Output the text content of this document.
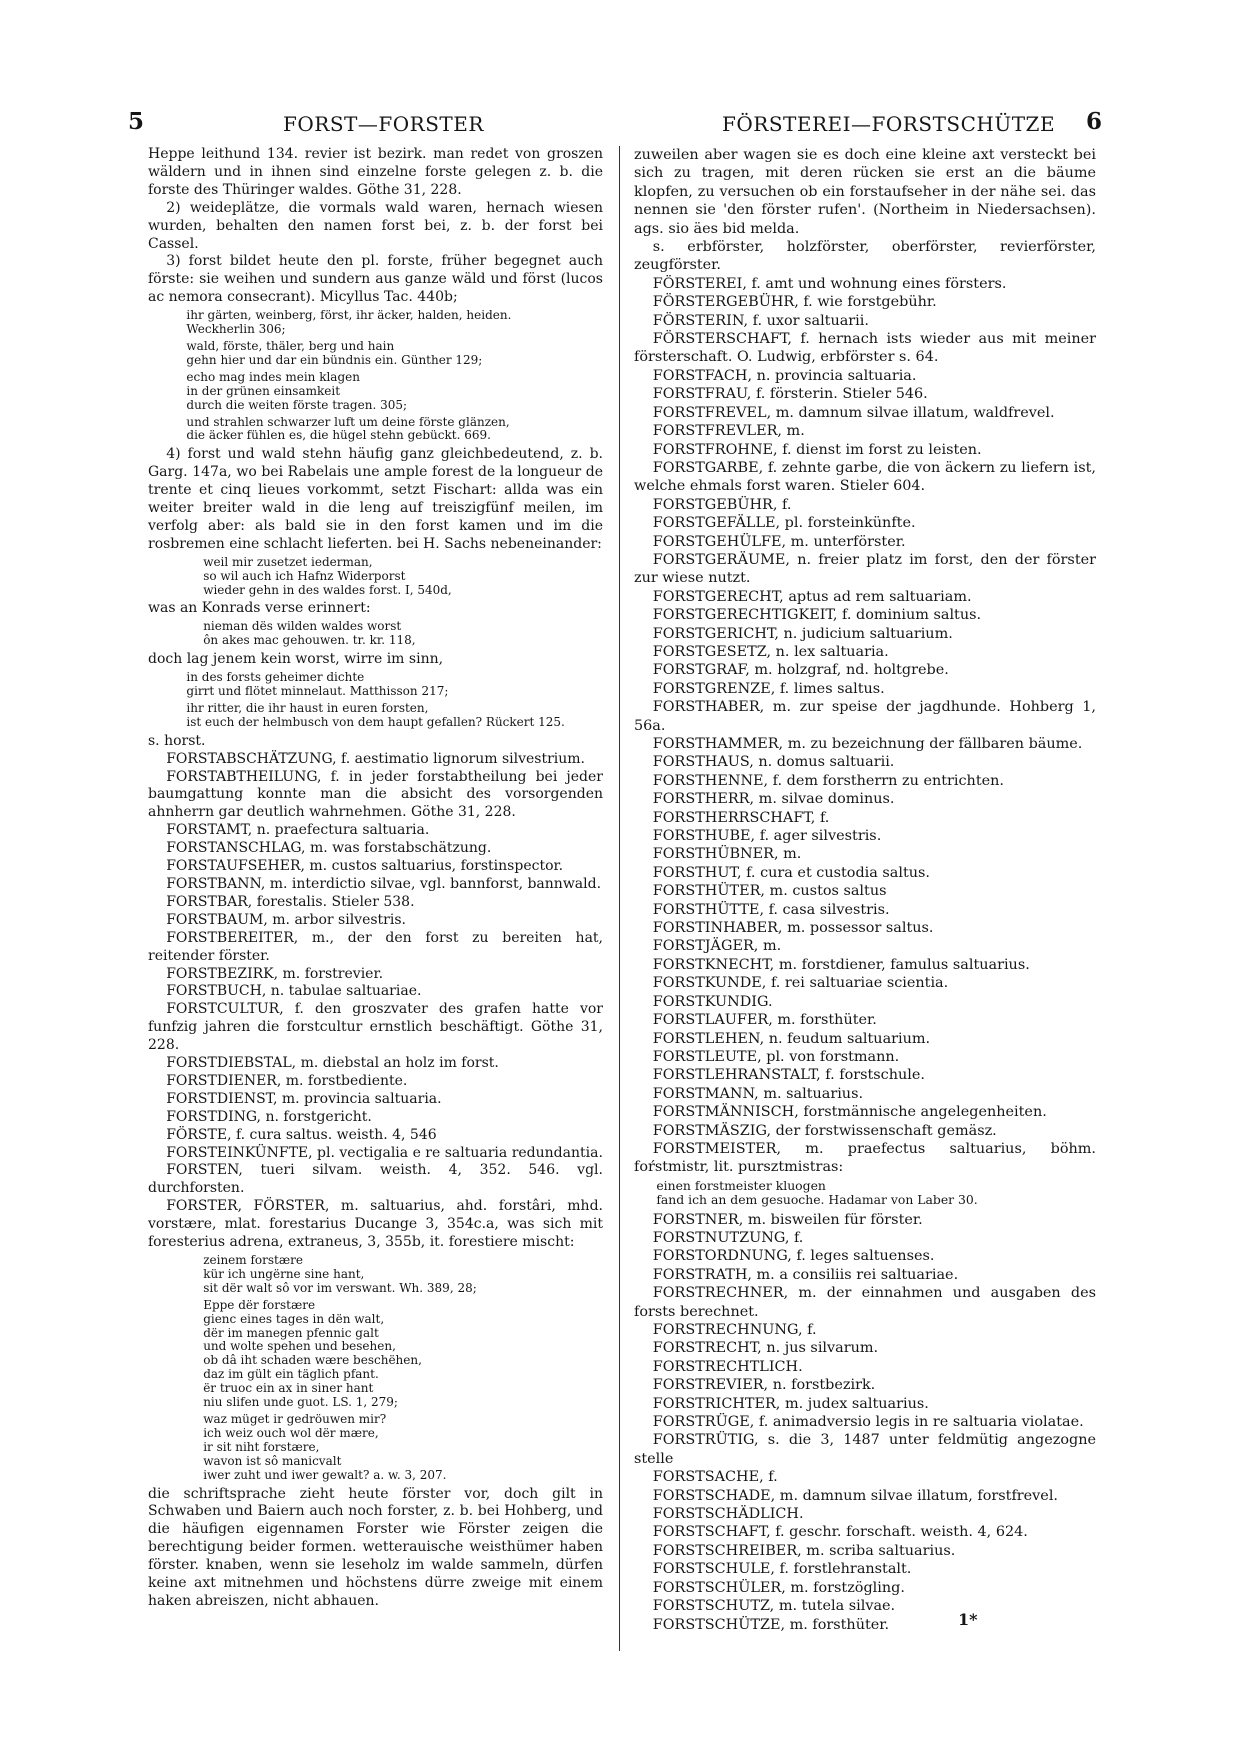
5	FORST—FORSTER	FÖRSTEREI—FORSTSCHÜTZE 6

Heppe leithund 134. revier ist bezirk. man redet von groszen wäldern und in ihnen sind einzelne forste gelegen z. b. die forste des Thüringer waldes. Göthe 31, 228.

2) weideplätze, die vormals wald waren, hernach wiesen wurden, behalten den namen forst bei, z. b. der forst bei Cassel.

3) forst bildet heute den pl. forste, früher begegnet auch förste: sie weihen und sundern aus ganze wäld und först (lucos ac nemora consecrant). Micyllus Tac. 440b;

ihr gärten, weinberg, först, ihr äcker, halden, heiden.
Weckherlin 306;

wald, förste, thäler, berg und hain
gehn hier und dar ein bündnis ein. Günther 129;

echo mag indes mein klagen
in der grünen einsamkeit
durch die weiten förste tragen. 305;

und strahlen schwarzer luft um deine förste glänzen,
die äcker fühlen es, die hügel stehn gebückt. 669.

4) forst und wald stehn häufig ganz gleichbedeutend, z. b. Garg. 147a, wo bei Rabelais une ample forest de la longueur de trente et cinq lieues vorkommt, setzt Fischart: allda was ein weiter breiter wald in die leng auf treiszigfünf meilen, im verfolg aber: als bald sie in den forst kamen und im die rosbremen eine schlacht lieferten. bei H. Sachs nebeneinander:

weil mir zusetzet iederman,
so wil auch ich Hafnz Widerporst
wieder gehn in des waldes forst. I, 540d,

was an Konrads verse erinnert:

nieman dës wilden waldes worst
ôn akes mac gehouwen. tr. kr. 118,

doch lag jenem kein worst, wirre im sinn,

in des forsts geheimer dichte
girrt und flötet minnelaut. Matthisson 217;

ihr ritter, die ihr haust in euren forsten,
ist euch der helmbusch von dem haupt gefallen? Rückert 125.

s. horst.

FORSTABSCHÄTZUNG, f. aestimatio lignorum silvestrium.

FORSTABTHEILUNG, f. in jeder forstabtheilung bei jeder baumgattung konnte man die absicht des vorsorgenden ahnherrn gar deutlich wahrnehmen. Göthe 31, 228.

FORSTAMT, n. praefectura saltuaria.

FORSTANSCHLAG, m. was forstabschätzung.

FORSTAUFSEHER, m. custos saltuarius, forstinspector.

FORSTBANN, m. interdictio silvae, vgl. bannforst, bannwald.

FORSTBAR, forestalis. Stieler 538.

FORSTBAUM, m. arbor silvestris.

FORSTBEREITER, m., der den forst zu bereiten hat, reitender förster.

FORSTBEZIRK, m. forstrevier.

FORSTBUCH, n. tabulae saltuariae.

FORSTCULTUR, f. den groszvater des grafen hatte vor funfzig jahren die forstcultur ernstlich beschäftigt. Göthe 31, 228.

FORSTDIEBSTAL, m. diebstal an holz im forst.

FORSTDIENER, m. forstbediente.

FORSTDIENST, m. provincia saltuaria.

FORSTDING, n. forstgericht.

FÖRSTE, f. cura saltus. weisth. 4, 546

FORSTEINKÜNFTE, pl. vectigalia e re saltuaria redundantia.

FORSTEN, tueri silvam. weisth. 4, 352. 546. vgl. durchforsten.

FORSTER, FÖRSTER, m. saltuarius, ahd. forstâri, mhd. vorstære, mlat. forestarius Ducange 3, 354c.a, was sich mit foresterius adrena, extraneus, 3, 355b, it. forestiere mischt:

zeinem forstære
kür ich ungërne sine hant,
sit dër walt sô vor im verswant. Wh. 389, 28;

Eppe dër forstære
gienc eines tages in dën walt,
dër im manegen pfennic galt
und wolte spehen und besehen,
ob dâ iht schaden wære beschëhen,
daz im gült ein täglich pfant.
ër truoc ein ax in siner hant
niu slifen unde guot. LS. 1, 279;

waz müget ir gedröuwen mir?
ich weiz ouch wol dër mære,
ir sit niht forstære,
wavon ist sô manicvalt
iwer zuht und iwer gewalt? a. w. 3, 207.

die schriftsprache zieht heute förster vor, doch gilt in Schwaben und Baiern auch noch forster, z. b. bei Hohberg, und die häufigen eigennamen Forster wie Förster zeigen die berechtigung beider formen. wetterauische weisthümer haben förster. knaben, wenn sie leseholz im walde sammeln, dürfen keine axt mitnehmen und höchstens dürre zweige mit einem haken abreiszen, nicht abhauen.

zuweilen aber wagen sie es doch eine kleine axt versteckt bei sich zu tragen, mit deren rücken sie erst an die bäume klopfen, zu versuchen ob ein forstaufseher in der nähe sei. das nennen sie 'den förster rufen'. (Northeim in Niedersachsen). ags. sio äes bid melda.

s. erbförster, holzförster, oberförster, revierförster, zeugförster.

FÖRSTEREI, f. amt und wohnung eines försters.

FÖRSTERGEBÜHR, f. wie forstgebühr.

FÖRSTERIN, f. uxor saltuarii.

FÖRSTERSCHAFT, f. hernach ists wieder aus mit meiner försterschaft. O. Ludwig, erbförster s. 64.

FORSTFACH, n. provincia saltuaria.

FORSTFRAU, f. försterin. Stieler 546.

FORSTFREVEL, m. damnum silvae illatum, waldfrevel.

FORSTFREVLER, m.

FORSTFROHNE, f. dienst im forst zu leisten.

FORSTGARBE, f. zehnte garbe, die von äckern zu liefern ist, welche ehmals forst waren. Stieler 604.

FORSTGEBÜHR, f.

FORSTGEFÄLLE, pl. forsteinkünfte.

FORSTGEHÜLFE, m. unterförster.

FORSTGERÄUME, n. freier platz im forst, den der förster zur wiese nutzt.

FORSTGERECHT, aptus ad rem saltuariam.

FORSTGERECHTIGKEIT, f. dominium saltus.

FORSTGERICHT, n. judicium saltuarium.

FORSTGESETZ, n. lex saltuaria.

FORSTGRAF, m. holzgraf, nd. holtgrebe.

FORSTGRENZE, f. limes saltus.

FORSTHABER, m. zur speise der jagdhunde. Hohberg 1, 56a.

FORSTHAMMER, m. zu bezeichnung der fällbaren bäume.

FORSTHAUS, n. domus saltuarii.

FORSTHENNE, f. dem forstherrn zu entrichten.

FORSTHERR, m. silvae dominus.

FORSTHERRSCHAFT, f.

FORSTHUBE, f. ager silvestris.

FORSTHÜBNER, m.

FORSTHUT, f. cura et custodia saltus.

FORSTHÜTER, m. custos saltus

FORSTHÜTTE, f. casa silvestris.

FORSTINHABER, m. possessor saltus.

FORSTJÄGER, m.

FORSTKNECHT, m. forstdiener, famulus saltuarius.

FORSTKUNDE, f. rei saltuariae scientia.

FORSTKUNDIG.

FORSTLAUFER, m. forsthüter.

FORSTLEHEN, n. feudum saltuarium.

FORSTLEUTE, pl. von forstmann.

FORSTLEHRANSTALT, f. forstschule.

FORSTMANN, m. saltuarius.

FORSTMÄNNISCH, forstmännische angelegenheiten.

FORSTMÄSZIG, der forstwissenschaft gemäsz.

FORSTMEISTER, m. praefectus saltuarius, böhm. foŕstmistr, lit. pursztmistras:

einen forstmeister kluogen
fand ich an dem gesuoche. Hadamar von Laber 30.

FORSTNER, m. bisweilen für förster.

FORSTNUTZUNG, f.

FORSTORDNUNG, f. leges saltuenses.

FORSTRATH, m. a consiliis rei saltuariae.

FORSTRECHNER, m. der einnahmen und ausgaben des forsts berechnet.

FORSTRECHNUNG, f.

FORSTRECHT, n. jus silvarum.

FORSTRECHTLICH.

FORSTREVIER, n. forstbezirk.

FORSTRICHTER, m. judex saltuarius.

FORSTRÜGE, f. animadversio legis in re saltuaria violatae.

FORSTRÜTIG, s. die 3, 1487 unter feldmütig angezogne stelle

FORSTSACHE, f.

FORSTSCHADE, m. damnum silvae illatum, forstfrevel.

FORSTSCHÄDLICH.

FORSTSCHAFT, f. geschr. forschaft. weisth. 4, 624.

FORSTSCHREIBER, m. scriba saltuarius.

FORSTSCHULE, f. forstlehranstalt.

FORSTSCHÜLER, m. forstzögling.

FORSTSCHUTZ, m. tutela silvae.

FORSTSCHÜTZE, m. forsthüter.	1*
